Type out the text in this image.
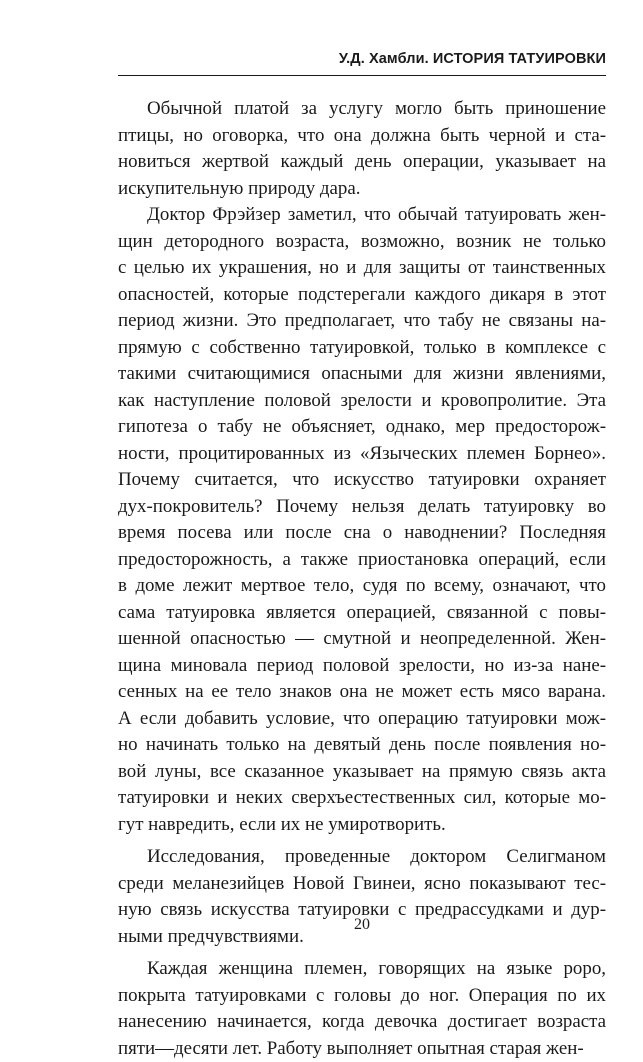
У.Д. Хамбли. ИСТОРИЯ ТАТУИРОВКИ

Обычной платой за услугу могло быть приношение
птицы, но оговорка, что она должна быть черной и ста-
новиться жертвой каждый день операции, указывает на
искупительную природу дара.

Доктор Фрэйзер заметил, что обычай татуировать жен-
щин детородного возраста, возможно, возник не только
с целью их украшения, но и для защиты от таинственных
опасностей, которые подстерегали каждого дикаря в этот
период жизни. Это предполагает, что табу не связаны на-
прямую с собственно татуировкой, только в комплексе с
такими считающимися опасными для жизни явлениями,
как наступление половой зрелости и кровопролитие. Эта
гипотеза о табу не объясняет, однако, мер предосторож-
ности, процитированных из «Языческих племен Борнео».
Почему считается, что искусство татуировки охраняет
дух-покровитель? Почему нельзя делать татуировку во
время посева или после сна о наводнении? Последняя
предосторожность, а также приостановка операций, если
в доме лежит мертвое тело, судя по всему, означают, что
сама татуировка является операцией, связанной с повы-
шенной опасностью — смутной и неопределенной. Жен-
щина миновала период половой зрелости, но из-за нане-
сенных на ее тело знаков она не может есть мясо варана.
А если добавить условие, что операцию татуировки мож-
но начинать только на девятый день после появления но-
вой луны, все сказанное указывает на прямую связь акта
татуировки и неких сверхъестественных сил, которые мо-
гут навредить, если их не умиротворить.

Исследования, проведенные доктором Селигманом
среди меланезийцев Новой Гвинеи, ясно показывают тес-
ную связь искусства татуировки с предрассудками и дур-
ными предчувствиями.

Каждая женщина племен, говорящих на языке роро,
покрыта татуировками с головы до ног. Операция по их
нанесению начинается, когда девочка достигает возраста
пяти—десяти лет. Работу выполняет опытная старая жен-

20
